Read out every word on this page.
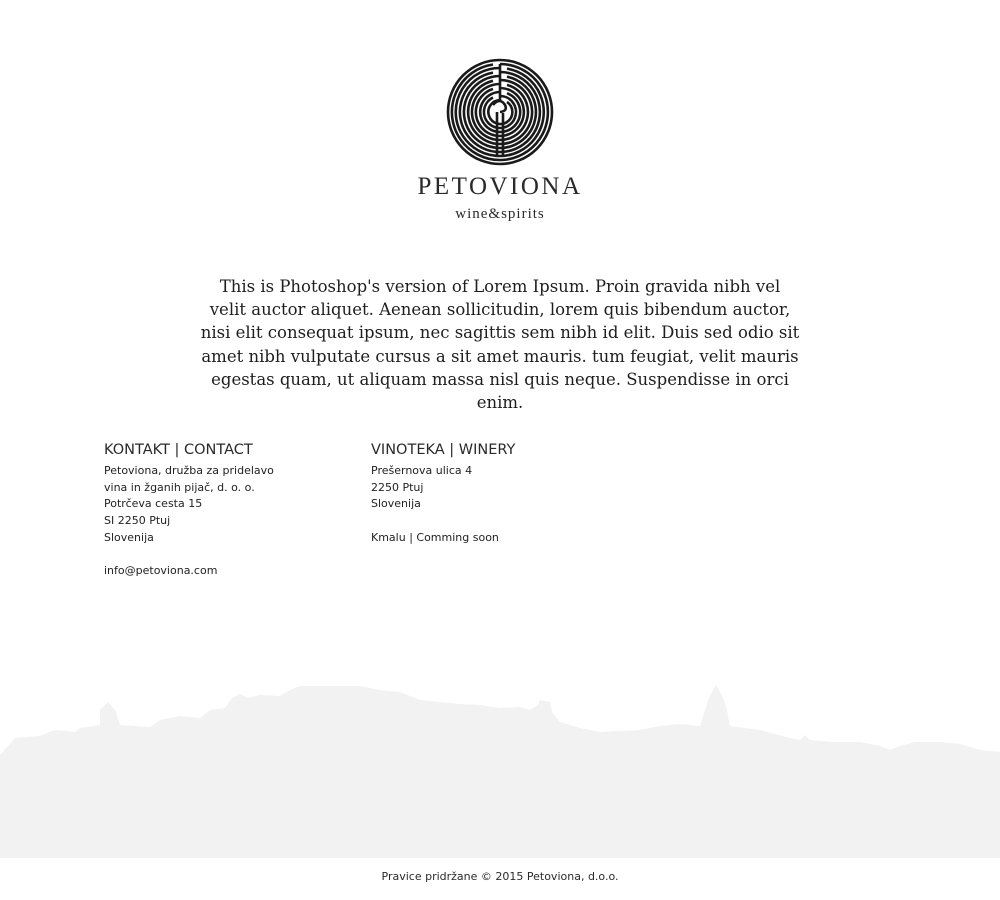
PETOVIONA
wine&spirits

This is Photoshop's version of Lorem Ipsum. Proin gravida nibh vel velit auctor aliquet. Aenean sollicitudin, lorem quis bibendum auctor, nisi elit consequat ipsum, nec sagittis sem nibh id elit. Duis sed odio sit amet nibh vulputate cursus a sit amet mauris. tum feugiat, velit mauris egestas quam, ut aliquam massa nisl quis neque. Suspendisse in orci enim.

KONTAKT | CONTACT
Petoviona, družba za pridelavo
vina in žganih pijač, d. o. o.
Potrčeva cesta 15
SI 2250 Ptuj
Slovenija
info@petoviona.com
VINOTEKA | WINERY
Prešernova ulica 4
2250 Ptuj
Slovenija
Kmalu | Comming soon
Pravice pridržane © 2015 Petoviona, d.o.o.
